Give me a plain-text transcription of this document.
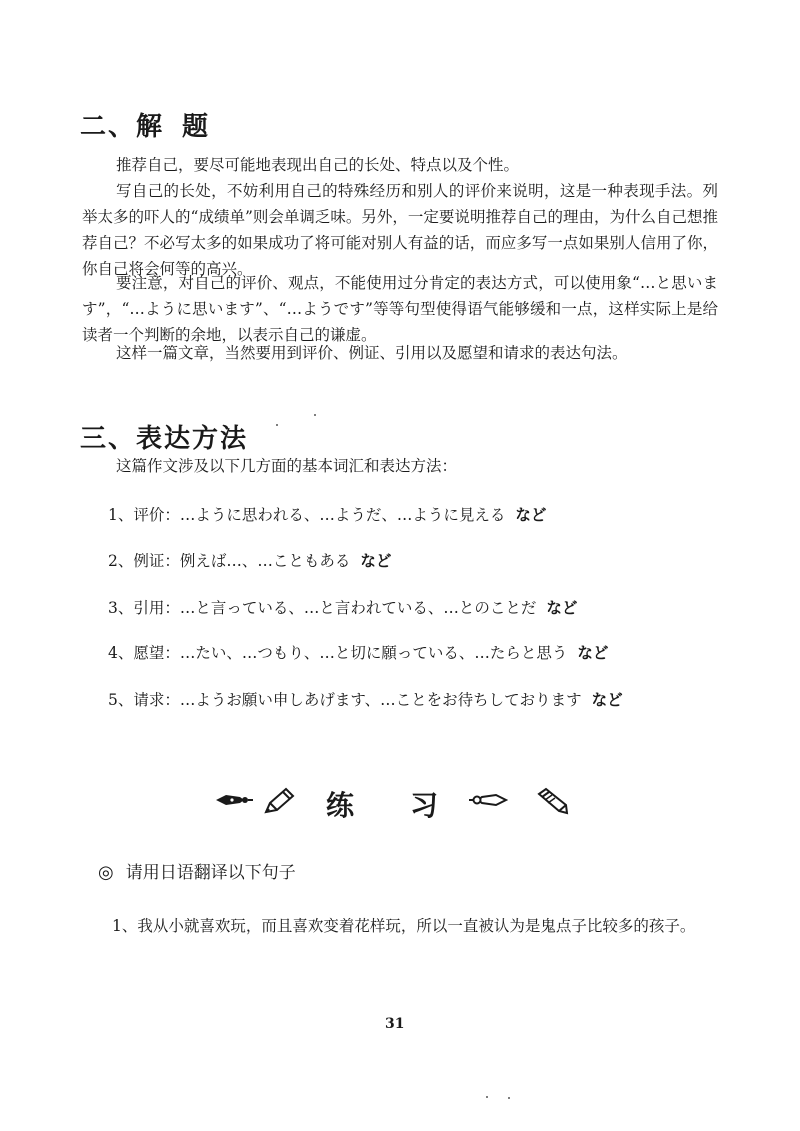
二、解 题

推荐自己，要尽可能地表现出自己的长处、特点以及个性。

写自己的长处，不妨利用自己的特殊经历和别人的评价来说明，这是一种表现手法。列举太多的吓人的“成绩单”则会单调乏味。另外，一定要说明推荐自己的理由，为什么自己想推荐自己？不必写太多的如果成功了将可能对别人有益的话，而应多写一点如果别人信用了你，你自己将会何等的高兴。

要注意，对自己的评价、观点，不能使用过分肯定的表达方式，可以使用象“…と思います”，“…ように思います”、“…ようです”等等句型使得语气能够缓和一点，这样实际上是给读者一个判断的余地，以表示自己的谦虚。

这样一篇文章，当然要用到评价、例证、引用以及愿望和请求的表达句法。

三、表达方法

这篇作文涉及以下几方面的基本词汇和表达方法：

1、评价：…ように思われる、…ようだ、…ように見える など

2、例证：例えば…、…こともある など

3、引用：…と言っている、…と言われている、…とのことだ など

4、愿望：…たい、…つもり、…と切に願っている、…たらと思う など

5、请求：…ようお願い申しあげます、…ことをお待ちしております など

练 习

◎ 请用日语翻译以下句子

1、我从小就喜欢玩，而且喜欢变着花样玩，所以一直被认为是鬼点子比较多的孩子。

31
